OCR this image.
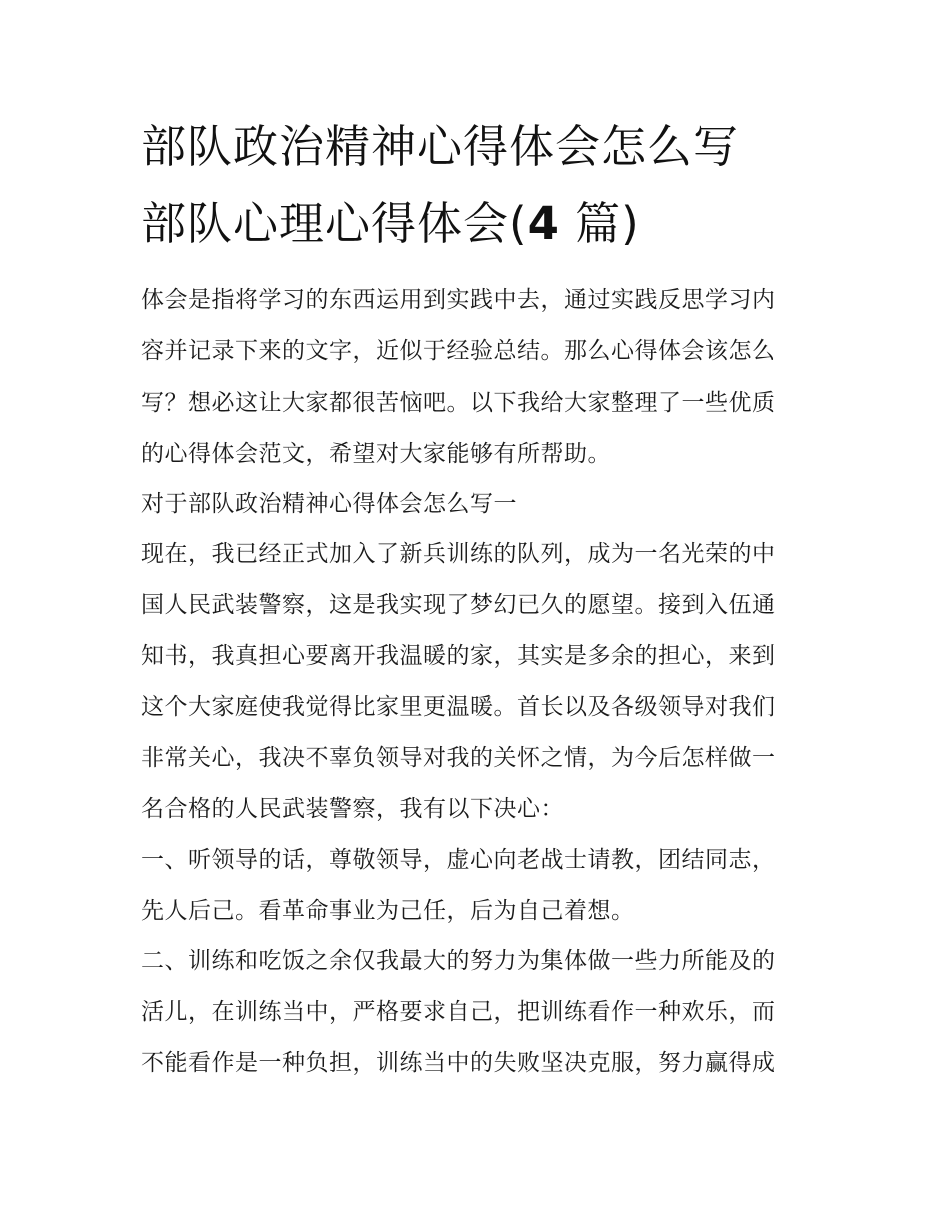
部队政治精神心得体会怎么写
部队心理心得体会(4 篇)
体会是指将学习的东西运用到实践中去，通过实践反思学习内
容并记录下来的文字，近似于经验总结。那么心得体会该怎么
写？想必这让大家都很苦恼吧。以下我给大家整理了一些优质
的心得体会范文，希望对大家能够有所帮助。
对于部队政治精神心得体会怎么写一
现在，我已经正式加入了新兵训练的队列，成为一名光荣的中
国人民武装警察，这是我实现了梦幻已久的愿望。接到入伍通
知书，我真担心要离开我温暖的家，其实是多余的担心，来到
这个大家庭使我觉得比家里更温暖。首长以及各级领导对我们
非常关心，我决不辜负领导对我的关怀之情，为今后怎样做一
名合格的人民武装警察，我有以下决心：
一、听领导的话，尊敬领导，虚心向老战士请教，团结同志，
先人后己。看革命事业为己任，后为自己着想。
二、训练和吃饭之余仅我最大的努力为集体做一些力所能及的
活儿，在训练当中，严格要求自己，把训练看作一种欢乐，而
不能看作是一种负担，训练当中的失败坚决克服，努力赢得成
